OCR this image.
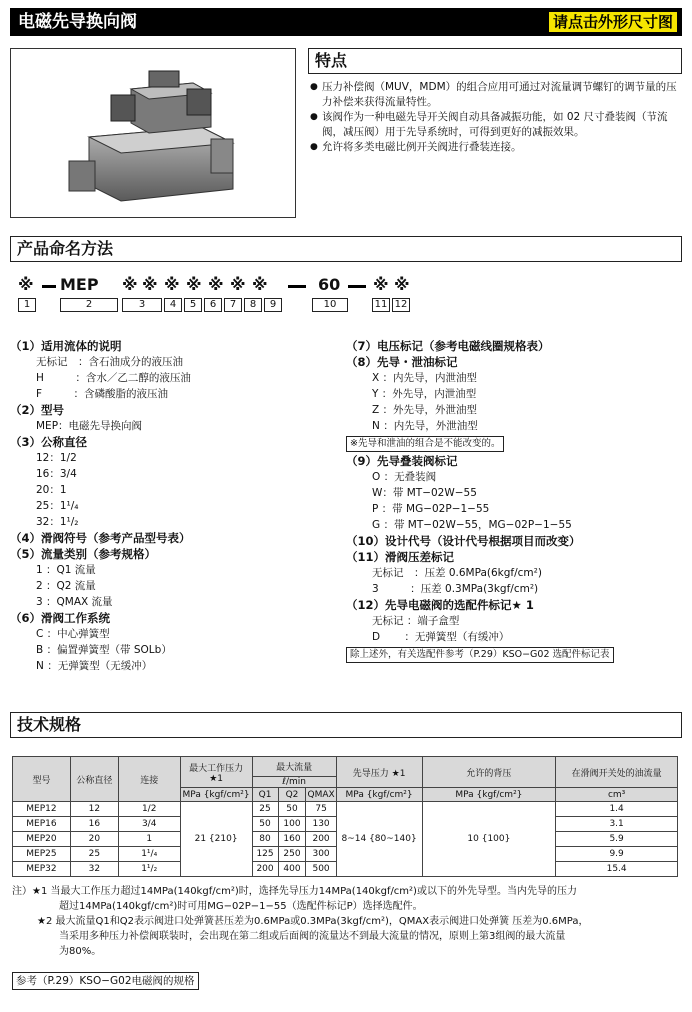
电磁先导换向阀	请点击外形尺寸图
特点
● 压力补偿阀（MUV，MDM）的组合应用可通过对流量调节螺钉的调节量的压力补偿来获得流量特性。
● 该阀作为一种电磁先导开关阀自动具备减振功能，如 02 尺寸叠装阀（节流阀，减压阀）用于先导系统时，可得到更好的减振效果。
● 允许将多类电磁比例开关阀进行叠装连接。
产品命名方法
※ MEP ※ ※ ※ ※ ※ ※ ※	60 ※ ※
1	2	3	4	5	6	7	8	9	10	11 12
（1）适用流体的说明
无标记　：含石油成分的液压油
H　　　：含水／乙二醇的液压油
F　　　：含磷酸脂的液压油
（2）型号
MEP：电磁先导换向阀
（3）公称直径
12：1/2
16：3/4
20：1
25：1¹/₄
32：1¹/₂
（4）滑阀符号（参考产品型号表）
（5）流量类别（参考规格）
1 ：Q1 流量
2 ：Q2 流量
3 ：QMAX 流量
（6）滑阀工作系统
C ：中心弹簧型
B ：偏置弹簧型（带 SOLb）
N ：无弹簧型（无缓冲）
（7）电压标记（参考电磁线圈规格表）
（8）先导・泄油标记
X ：内先导，内泄油型
Y ：外先导，内泄油型
Z ：外先导，外泄油型
N ：内先导，外泄油型
※先导和泄油的组合是不能改变的。
（9）先导叠装阀标记
O ：无叠装阀
W：带 MT−02W−55
P ：带 MG−02P−1−55
G ：带 MT−02W−55，MG−02P−1−55
（10）设计代号（设计代号根据项目而改变）
（11）滑阀压差标记
无标记　：压差 0.6MPa(6kgf/cm²)
3　　　：压差 0.3MPa(3kgf/cm²)
（12）先导电磁阀的选配件标记★ 1
无标记 ：端子盒型
D　　 ：无弹簧型（有缓冲）
除上述外，有关选配件参考（P.29）KSO−G02 选配件标记表
技术规格
型号	公称直径	连接	最大工作压力 ★1	最大流量			先导压力 ★1	允许的背压	在滑阀开关处的油流量
				ℓ/min					
			MPa {kgf/cm²}	Q1	Q2	QMAX	MPa {kgf/cm²}	MPa {kgf/cm²}	cm³
MEP12	12	1/2	21 {210}	25	50	75	8~14 {80~140}	10 {100}	1.4
MEP16	16	3/4		50	100	130			3.1
MEP20	20	1		80	160	200			5.9
MEP25	25	1¹/₄		125	250	300			9.9
MEP32	32	1¹/₂		200	400	500			15.4
注）★1 当最大工作压力超过14MPa(140kgf/cm²)时，选择先导压力14MPa(140kgf/cm²)或以下的外先导型。当内先导的压力
超过14MPa(140kgf/cm²)时可用MG−02P−1−55（选配件标记P）选择选配件。
★2 最大流量Q1和Q2表示阀进口处弹簧甚压差为0.6MPa或0.3MPa(3kgf/cm²)，QMAX表示阀进口处弹簧 压差为0.6MPa，
当采用多种压力补偿阀联装时，会出现在第二组或后面阀的流量达不到最大流量的情况，原则上第3组阀的最大流量
为80%。
参考（P.29）KSO−G02电磁阀的规格
